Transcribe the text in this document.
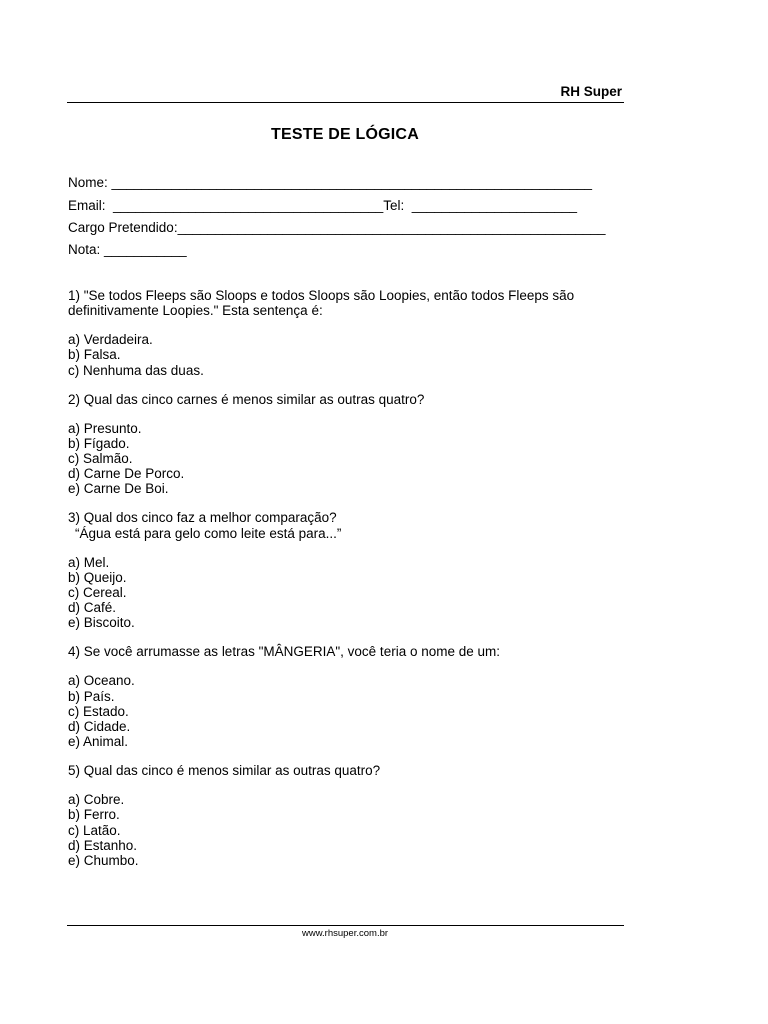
RH Super
TESTE DE LÓGICA
Nome: ________________________________________________________________
Email:  ____________________________________Tel:  ______________________
Cargo Pretendido:_________________________________________________________
Nota: ___________
1) "Se todos Fleeps são Sloops e todos Sloops são Loopies, então todos Fleeps são definitivamente Loopies." Esta sentença é:
a) Verdadeira.
b) Falsa.
c) Nenhuma das duas.
2) Qual das cinco carnes é menos similar as outras quatro?
a) Presunto.
b) Fígado.
c) Salmão.
d) Carne De Porco.
e) Carne De Boi.
3) Qual dos cinco faz a melhor comparação?
“Água está para gelo como leite está para...”
a) Mel.
b) Queijo.
c) Cereal.
d) Café.
e) Biscoito.
4) Se você arrumasse as letras "MÂNGERIA", você teria o nome de um:
a) Oceano.
b) País.
c) Estado.
d) Cidade.
e) Animal.
5) Qual das cinco é menos similar as outras quatro?
a) Cobre.
b) Ferro.
c) Latão.
d) Estanho.
e) Chumbo.
www.rhsuper.com.br
